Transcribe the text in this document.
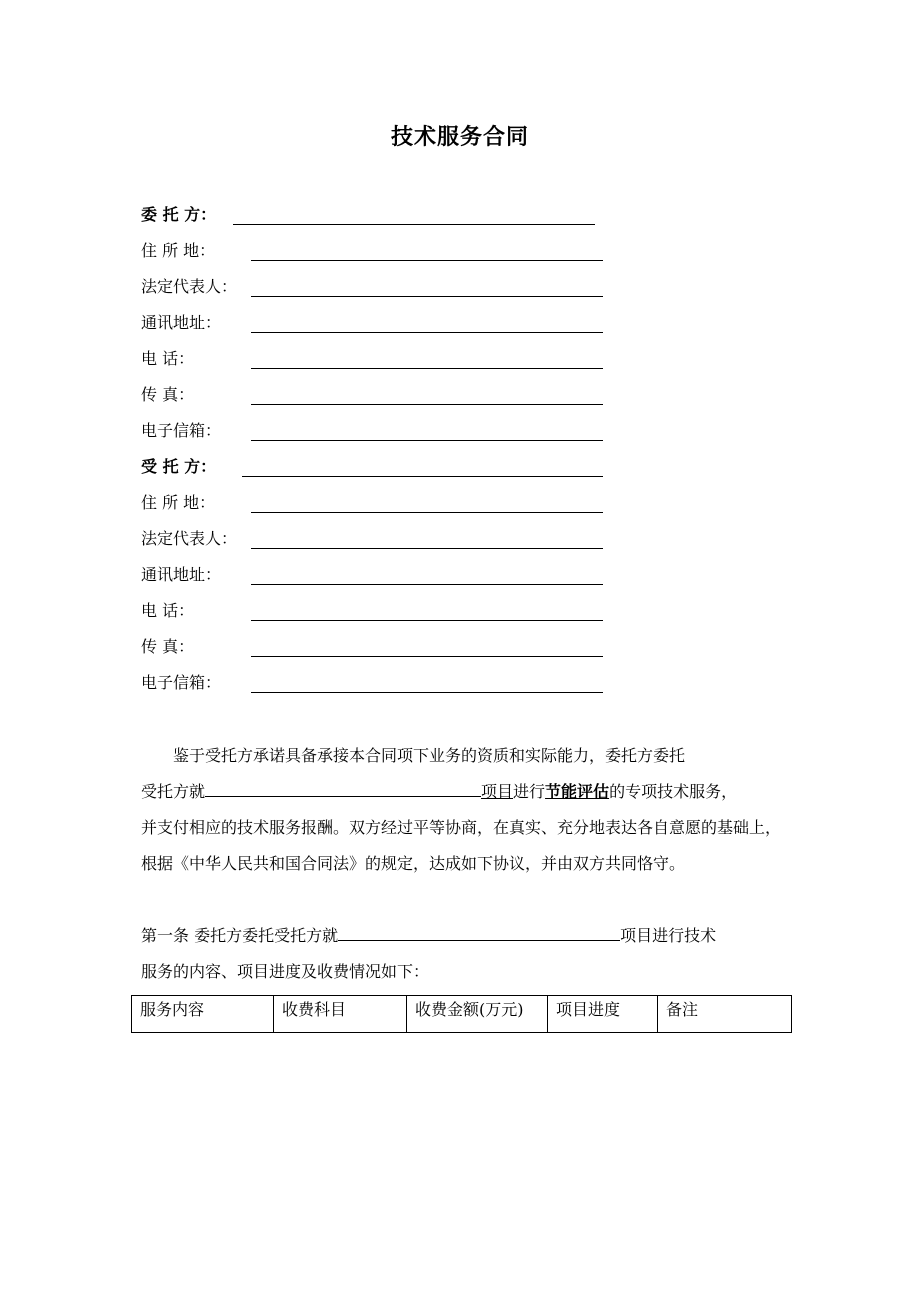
技术服务合同
委 托 方：
住 所 地：
法定代表人：
通讯地址：
电 话：
传 真：
电子信箱：
受 托 方：
住 所 地：
法定代表人：
通讯地址：
电 话：
传 真：
电子信箱：
鉴于受托方承诺具备承接本合同项下业务的资质和实际能力，委托方委托
受托方就	项目进行节能评估的专项技术服务，
并支付相应的技术服务报酬。双方经过平等协商，在真实、充分地表达各自意愿的基础上，根据《中华人民共和国合同法》的规定，达成如下协议，并由双方共同恪守。
第一条 委托方委托受托方就	项目进行技术
服务的内容、项目进度及收费情况如下：
服务内容	收费科目	收费金额(万元)	项目进度	备注
